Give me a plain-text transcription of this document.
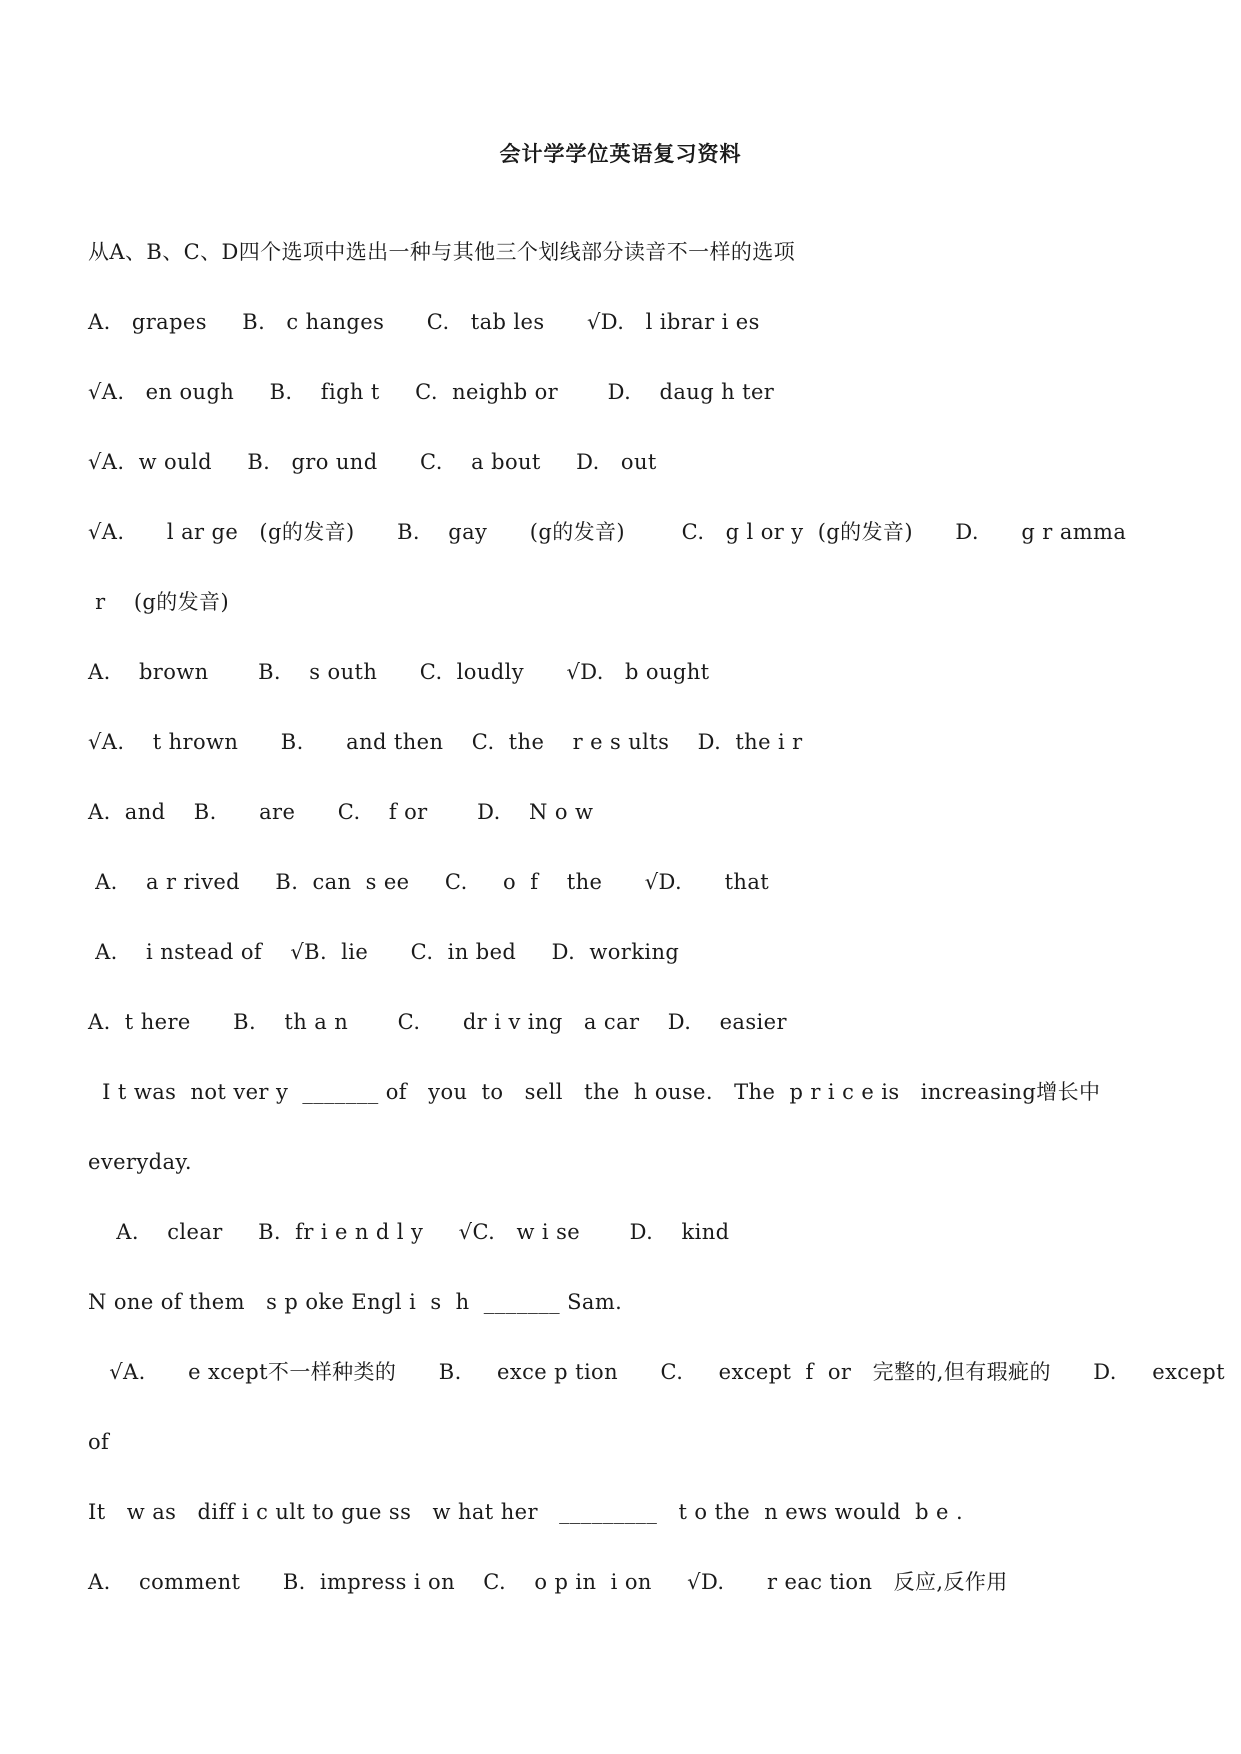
会计学学位英语复习资料
从A、B、C、D四个选项中选出一种与其他三个划线部分读音不一样的选项
A.   grapes     B.   c hanges      C.   tab les      √D.   l ibrar i es
√A.   en ough     B.    figh t     C.  neighb or       D.    daug h ter
√A.  w ould     B.   gro und      C.    a bout     D.   out
√A.      l ar ge   (g的发音)      B.    gay      (g的发音)        C.   g l or y  (g的发音)      D.      g r amma
r    (g的发音)
A.    brown       B.    s outh      C.  loudly      √D.   b ought
√A.    t hrown      B.      and then    C.  the    r e s ults    D.  the i r
A.  and    B.      are      C.    f or       D.    N o w
A.    a r rived     B.  can  s ee     C.     o  f    the      √D.      that
A.    i nstead of    √B.  lie      C.  in bed     D.  working
A.  t here      B.    th a n       C.      dr i v ing   a car    D.    easier
I t was  not ver y  _______ of   you  to   sell   the  h ouse.   The  p r i c e is   increasing增长中
everyday.
A.    clear     B.  fr i e n d l y     √C.   w i se       D.    kind
N one of them   s p oke Engl i  s  h  _______ Sam.
√A.      e xcept不一样种类的      B.     exce p tion      C.     except  f  or   完整的,但有瑕疵的      D.     except
of
It   w as   diff i c ult to gue ss   w hat her   _________   t o the  n ews would  b e .
A.    comment      B.  impress i on    C.    o p in  i on     √D.      r eac tion   反应,反作用
